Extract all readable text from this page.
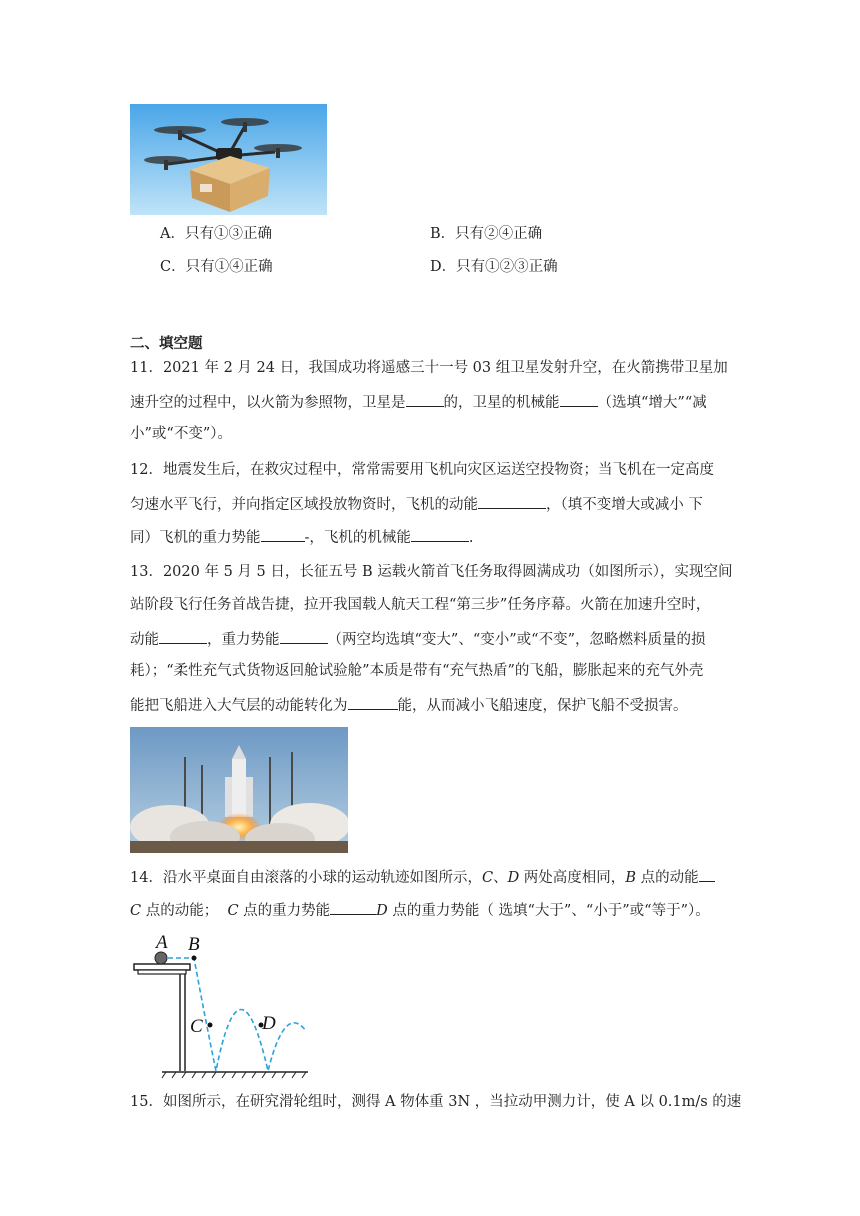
A．只有①③正确	B．只有②④正确
C．只有①④正确	D．只有①②③正确
二、填空题
11．2021 年 2 月 24 日，我国成功将遥感三十一号 03 组卫星发射升空，在火箭携带卫星加
速升空的过程中，以火箭为参照物，卫星是	的，卫星的机械能	（选填“增大”“减
小”或“不变”）。
12．地震发生后，在救灾过程中，常常需要用飞机向灾区运送空投物资；当飞机在一定高度
匀速水平飞行，并向指定区域投放物资时，飞机的动能	，（填不变增大或减小 下
同）飞机的重力势能	-，飞机的机械能	.
13．2020 年 5 月 5 日，长征五号 B 运载火箭首飞任务取得圆满成功（如图所示），实现空间
站阶段飞行任务首战告捷，拉开我国载人航天工程“第三步”任务序幕。火箭在加速升空时，
动能	，重力势能	（两空均选填“变大”、“变小”或“不变”，忽略燃料质量的损
耗）；“柔性充气式货物返回舱试验舱”本质是带有“充气热盾”的飞船，膨胀起来的充气外壳
能把飞船进入大气层的动能转化为	能，从而减小飞船速度，保护飞船不受损害。
14．沿水平桌面自由滚落的小球的运动轨迹如图所示，C、D 两处高度相同，B 点的动能
C 点的动能； C 点的重力势能	D 点的重力势能（ 选填“大于”、“小于”或“等于”）。
A B
C	D
15．如图所示，在研究滑轮组时，测得 A 物体重 3N ，当拉动甲测力计，使 A 以 0.1m/s 的速
